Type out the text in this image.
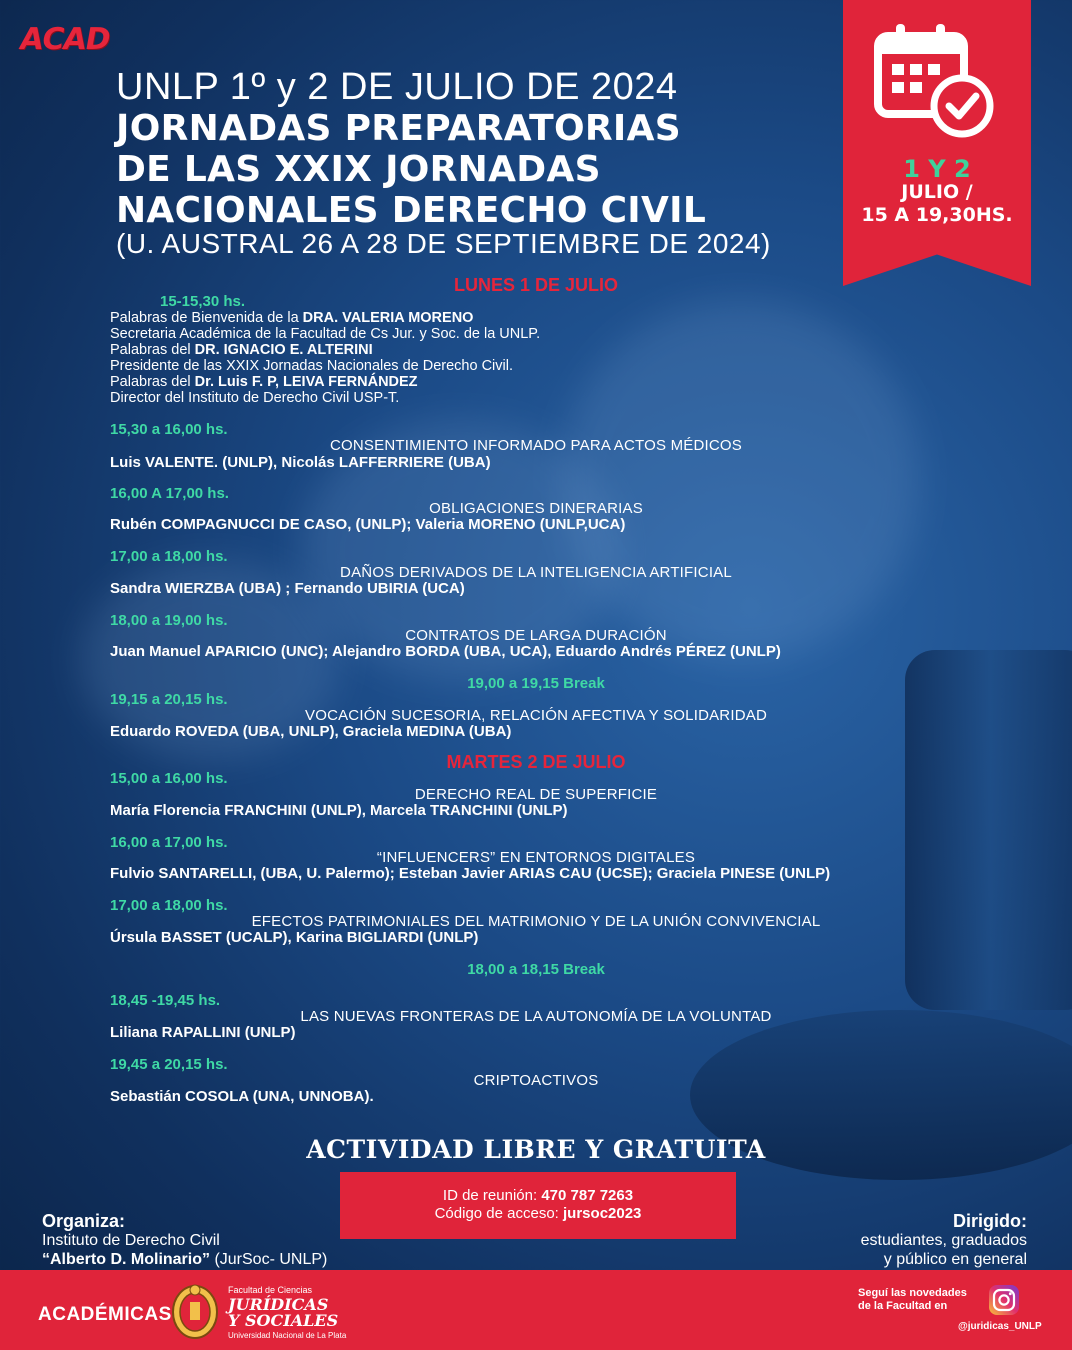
ACAD
UNLP 1º y 2 DE JULIO DE 2024
JORNADAS PREPARATORIAS
DE LAS XXIX JORNADAS
NACIONALES DERECHO CIVIL
(U. AUSTRAL 26 A 28 DE SEPTIEMBRE DE 2024)
1 Y 2
JULIO /
15 A 19,30HS.
LUNES 1 DE JULIO
15-15,30 hs.
Palabras de Bienvenida de la DRA. VALERIA MORENO
Secretaria Académica de la Facultad de Cs Jur. y Soc. de la UNLP.
Palabras del DR. IGNACIO E. ALTERINI
Presidente de las XXIX Jornadas Nacionales de Derecho Civil.
Palabras del Dr. Luis F. P, LEIVA FERNÁNDEZ
Director del Instituto de Derecho Civil USP-T.
15,30 a 16,00 hs.
CONSENTIMIENTO INFORMADO PARA ACTOS MÉDICOS
Luis VALENTE. (UNLP), Nicolás LAFFERRIERE (UBA)
16,00 A 17,00 hs.
OBLIGACIONES DINERARIAS
Rubén COMPAGNUCCI DE CASO, (UNLP); Valeria MORENO (UNLP,UCA)
17,00 a 18,00 hs.
DAÑOS DERIVADOS DE LA INTELIGENCIA ARTIFICIAL
Sandra WIERZBA (UBA) ; Fernando UBIRIA (UCA)
18,00 a 19,00 hs.
CONTRATOS DE LARGA DURACIÓN
Juan Manuel APARICIO (UNC); Alejandro BORDA (UBA, UCA), Eduardo Andrés PÉREZ (UNLP)
19,00 a 19,15 Break
19,15 a 20,15 hs.
VOCACIÓN SUCESORIA, RELACIÓN AFECTIVA Y SOLIDARIDAD
Eduardo ROVEDA (UBA, UNLP), Graciela MEDINA (UBA)
MARTES 2 DE JULIO
15,00 a 16,00 hs.
DERECHO REAL DE SUPERFICIE
María Florencia FRANCHINI (UNLP), Marcela TRANCHINI (UNLP)
16,00 a 17,00 hs.
“INFLUENCERS” EN ENTORNOS DIGITALES
Fulvio SANTARELLI, (UBA, U. Palermo); Esteban Javier ARIAS CAU (UCSE); Graciela PINESE (UNLP)
17,00 a 18,00 hs.
EFECTOS PATRIMONIALES DEL MATRIMONIO Y DE LA UNIÓN CONVIVENCIAL
Úrsula BASSET (UCALP), Karina BIGLIARDI (UNLP)
18,00 a 18,15 Break
18,45 -19,45 hs.
LAS NUEVAS FRONTERAS DE LA AUTONOMÍA DE LA VOLUNTAD
Liliana RAPALLINI (UNLP)
19,45 a 20,15 hs.
CRIPTOACTIVOS
Sebastián COSOLA (UNA, UNNOBA).
ACTIVIDAD LIBRE Y GRATUITA
ID de reunión: 470 787 7263
Código de acceso: jursoc2023
Organiza:
Instituto de Derecho Civil
“Alberto D. Molinario” (JurSoc- UNLP)
Dirigido:
estudiantes, graduados
y público en general
ACADÉMICAS
Facultad de Ciencias
JURÍDICAS
Y SOCIALES
Universidad Nacional de La Plata
Seguí las novedades
de la Facultad en
@juridicas_UNLP
